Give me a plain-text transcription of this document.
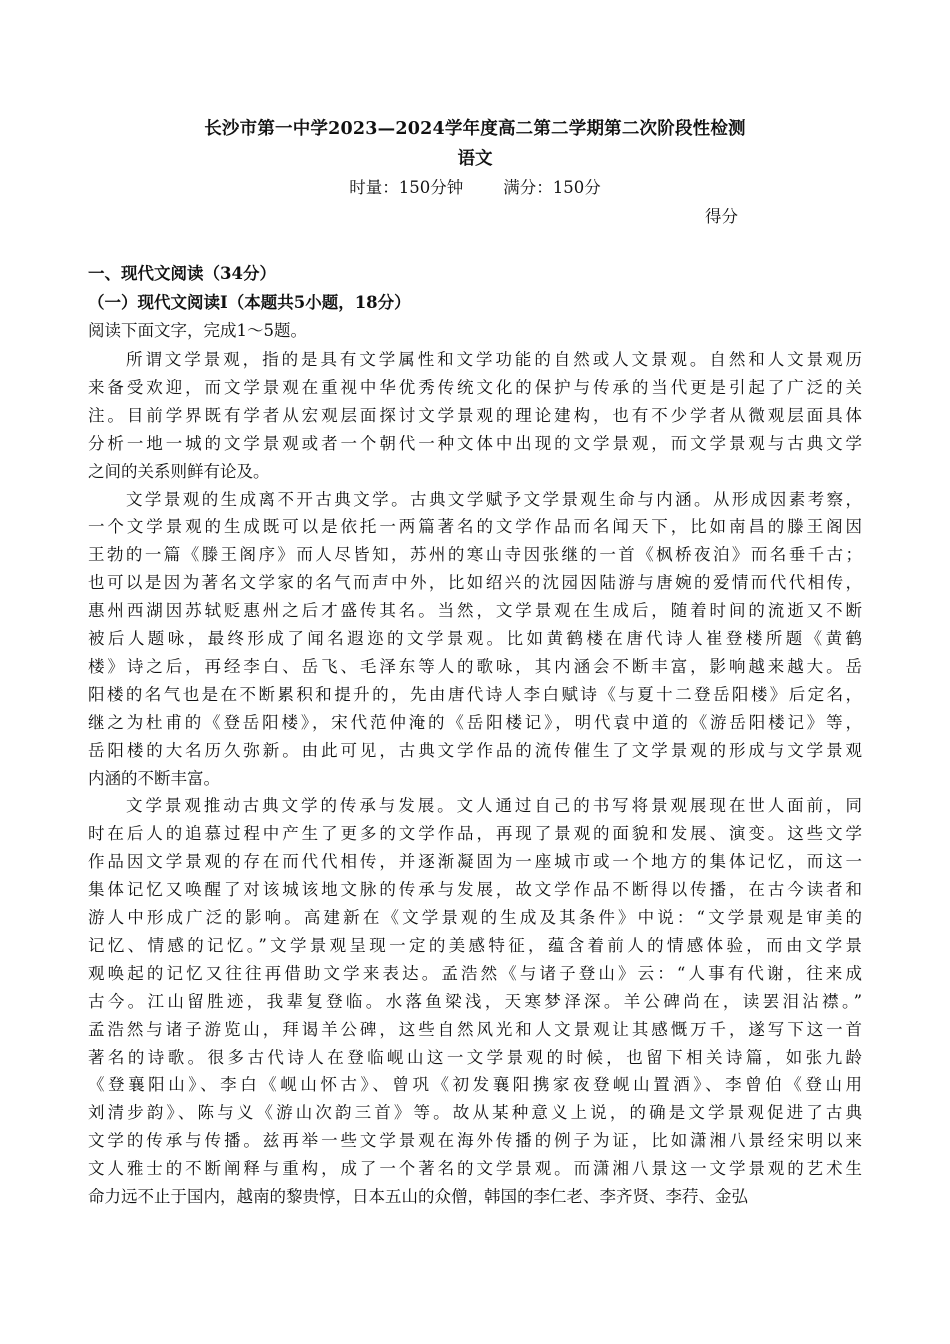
长沙市第一中学2023—2024学年度高二第二学期第二次阶段性检测
语文
时量：150分钟 满分：150分
得分
一、现代文阅读（34分）
（一）现代文阅读Ⅰ（本题共5小题，18分）
阅读下面文字，完成1～5题。
所谓文学景观，指的是具有文学属性和文学功能的自然或人文景观。自然和人文景观历
来备受欢迎，而文学景观在重视中华优秀传统文化的保护与传承的当代更是引起了广泛的关
注。目前学界既有学者从宏观层面探讨文学景观的理论建构，也有不少学者从微观层面具体
分析一地一城的文学景观或者一个朝代一种文体中出现的文学景观，而文学景观与古典文学
之间的关系则鲜有论及。
文学景观的生成离不开古典文学。古典文学赋予文学景观生命与内涵。从形成因素考察，
一个文学景观的生成既可以是依托一两篇著名的文学作品而名闻天下，比如南昌的滕王阁因
王勃的一篇《滕王阁序》而人尽皆知，苏州的寒山寺因张继的一首《枫桥夜泊》而名垂千古；
也可以是因为著名文学家的名气而声中外，比如绍兴的沈园因陆游与唐婉的爱情而代代相传，
惠州西湖因苏轼贬惠州之后才盛传其名。当然，文学景观在生成后，随着时间的流逝又不断
被后人题咏，最终形成了闻名遐迩的文学景观。比如黄鹤楼在唐代诗人崔登楼所题《黄鹤
楼》诗之后，再经李白、岳飞、毛泽东等人的歌咏，其内涵会不断丰富，影响越来越大。岳
阳楼的名气也是在不断累积和提升的，先由唐代诗人李白赋诗《与夏十二登岳阳楼》后定名，
继之为杜甫的《登岳阳楼》，宋代范仲淹的《岳阳楼记》，明代袁中道的《游岳阳楼记》等，
岳阳楼的大名历久弥新。由此可见，古典文学作品的流传催生了文学景观的形成与文学景观
内涵的不断丰富。
文学景观推动古典文学的传承与发展。文人通过自己的书写将景观展现在世人面前，同
时在后人的追慕过程中产生了更多的文学作品，再现了景观的面貌和发展、演变。这些文学
作品因文学景观的存在而代代相传，并逐渐凝固为一座城市或一个地方的集体记忆，而这一
集体记忆又唤醒了对该城该地文脉的传承与发展，故文学作品不断得以传播，在古今读者和
游人中形成广泛的影响。高建新在《文学景观的生成及其条件》中说：“文学景观是审美的
记忆、情感的记忆。”文学景观呈现一定的美感特征，蕴含着前人的情感体验，而由文学景
观唤起的记忆又往往再借助文学来表达。孟浩然《与诸子登山》云：“人事有代谢，往来成
古今。江山留胜迹，我辈复登临。水落鱼梁浅，天寒梦泽深。羊公碑尚在，读罢泪沾襟。”
孟浩然与诸子游览山，拜谒羊公碑，这些自然风光和人文景观让其感慨万千，遂写下这一首
著名的诗歌。很多古代诗人在登临岘山这一文学景观的时候，也留下相关诗篇，如张九龄
《登襄阳山》、李白《岘山怀古》、曾巩《初发襄阳携家夜登岘山置酒》、李曾伯《登山用
刘清步韵》、陈与义《游山次韵三首》等。故从某种意义上说，的确是文学景观促进了古典
文学的传承与传播。兹再举一些文学景观在海外传播的例子为证，比如潇湘八景经宋明以来
文人雅士的不断阐释与重构，成了一个著名的文学景观。而潇湘八景这一文学景观的艺术生
命力远不止于国内，越南的黎贵惇，日本五山的众僧，韩国的李仁老、李齐贤、李荇、金弘
